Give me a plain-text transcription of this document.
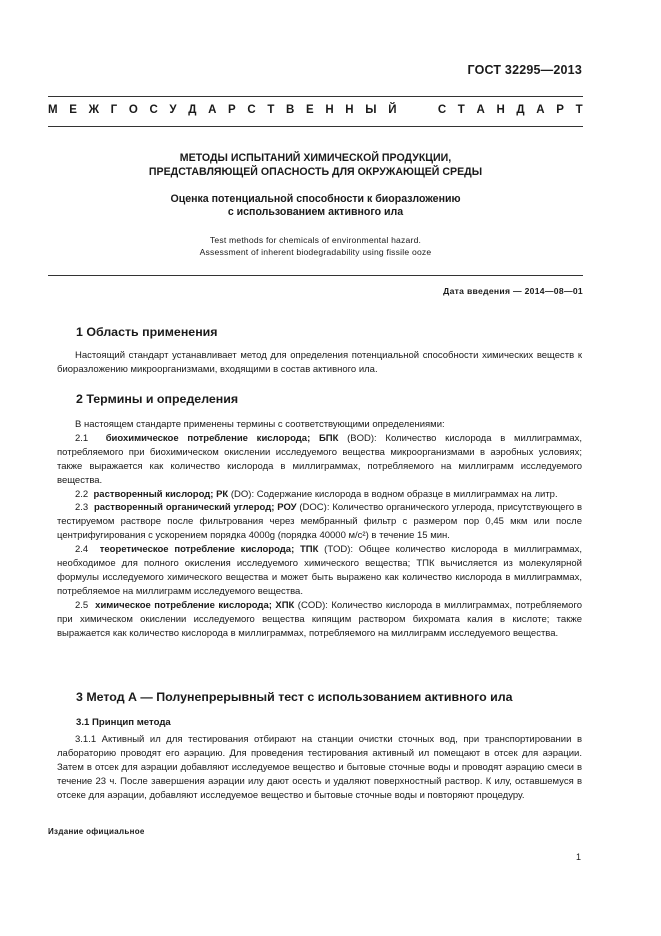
ГОСТ 32295—2013
М Е Ж Г О С У Д А Р С Т В Е Н Н Ы Й

	С Т А Н Д А Р Т
МЕТОДЫ ИСПЫТАНИЙ ХИМИЧЕСКОЙ ПРОДУКЦИИ,
ПРЕДСТАВЛЯЮЩЕЙ ОПАСНОСТЬ ДЛЯ ОКРУЖАЮЩЕЙ СРЕДЫ
Оценка потенциальной способности к биоразложению
с использованием активного ила
Test methods for chemicals of environmental hazard.
Assessment of inherent biodegradability using fissile ooze
Дата введения — 2014—08—01
1 Область применения

Настоящий стандарт устанавливает метод для определения потенциальной способности химических веществ к биоразложению микроорганизмами, входящими в состав активного ила.

2 Термины и определения

В настоящем стандарте применены термины с соответствующими определениями:

2.1 биохимическое потребление кислорода; БПК (BOD): Количество кислорода в миллиграммах, потребляемого при биохимическом окислении исследуемого вещества микроорганизмами в аэробных условиях; также выражается как количество кислорода в миллиграммах, потребляемого на миллиграмм исследуемого вещества.

2.2 растворенный кислород; РК (DO): Содержание кислорода в водном образце в миллиграммах на литр.

2.3 растворенный органический углерод; РОУ (DOC): Количество органического углерода, присутствующего в тестируемом растворе после фильтрования через мембранный фильтр с размером пор 0,45 мкм или после центрифугирования с ускорением порядка 4000g (порядка 40000 м/с²) в течение 15 мин.

2.4 теоретическое потребление кислорода; ТПК (TOD): Общее количество кислорода в миллиграммах, необходимое для полного окисления исследуемого химического вещества; ТПК вычисляется из молекулярной формулы исследуемого химического вещества и может быть выражено как количество кислорода в миллиграммах, потребляемое на миллиграмм исследуемого вещества.

2.5 химическое потребление кислорода; ХПК (COD): Количество кислорода в миллиграммах, потребляемого при химическом окислении исследуемого вещества кипящим раствором бихромата калия в кислоте; также выражается как количество кислорода в миллиграммах, потребляемого на миллиграмм исследуемого вещества.

3 Метод А — Полунепрерывный тест с использованием активного ила
3.1 Принцип метода

3.1.1 Активный ил для тестирования отбирают на станции очистки сточных вод, при транспортировании в лабораторию проводят его аэрацию. Для проведения тестирования активный ил помещают в отсек для аэрации. Затем в отсек для аэрации добавляют исследуемое вещество и бытовые сточные воды и проводят аэрацию смеси в течение 23 ч. После завершения аэрации илу дают осесть и удаляют поверхностный раствор. К илу, оставшемуся в отсеке для аэрации, добавляют исследуемое вещество и бытовые сточные воды и повторяют процедуру.

Издание официальное
1
